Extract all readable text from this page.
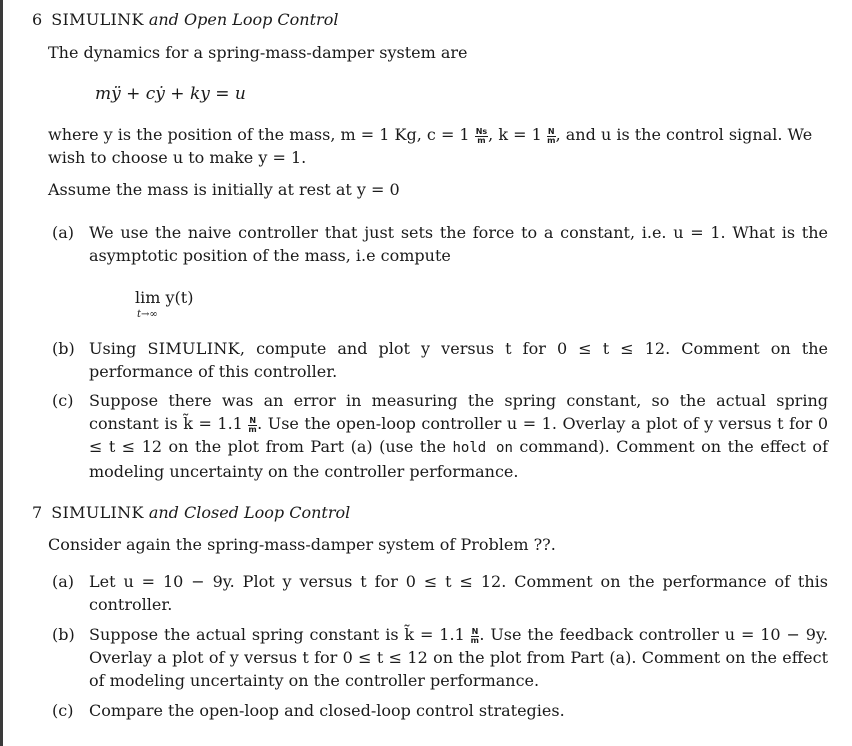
6 SIMULINK and Open Loop Control
The dynamics for a spring-mass-damper system are
mÿ + cẏ + ky = u
where y is the position of the mass, m = 1 Kg, $c = 1 \frac{Ns}{m}$ , $k = 1 \frac{N}{m}$ , and u is the control signal. We wish to choose u to make y = 1.
Assume the mass is initially at rest at y = 0
(a) We use the naive controller that just sets the force to a constant, i.e. u = 1. What is the asymptotic position of the mass, i.e compute
lim y(t)
t→∞
(b) Using SIMULINK, compute and plot y versus t for 0 ≤ t ≤ 12. Comment on the performance of this controller.
(c) Suppose there was an error in measuring the spring constant, so the actual spring constant is k̃ = $1.1 \frac{N}{m}$ . Use the open-loop controller u = 1. Overlay a plot of y versus t for 0 ≤ t ≤ 12 on the plot from Part (a) (use the hold on command). Comment on the effect of modeling uncertainty on the controller performance.
7 SIMULINK and Closed Loop Control
Consider again the spring-mass-damper system of Problem ??.
(a) Let u = 10 − 9y. Plot y versus t for 0 ≤ t ≤ 12. Comment on the performance of this controller.
(b) Suppose the actual spring constant is k̃ = $1.1 \frac{N}{m}$ . Use the feedback controller u = 10 − 9y. Overlay a plot of y versus t for 0 ≤ t ≤ 12 on the plot from Part (a). Comment on the effect of modeling uncertainty on the controller performance.
(c) Compare the open-loop and closed-loop control strategies.
